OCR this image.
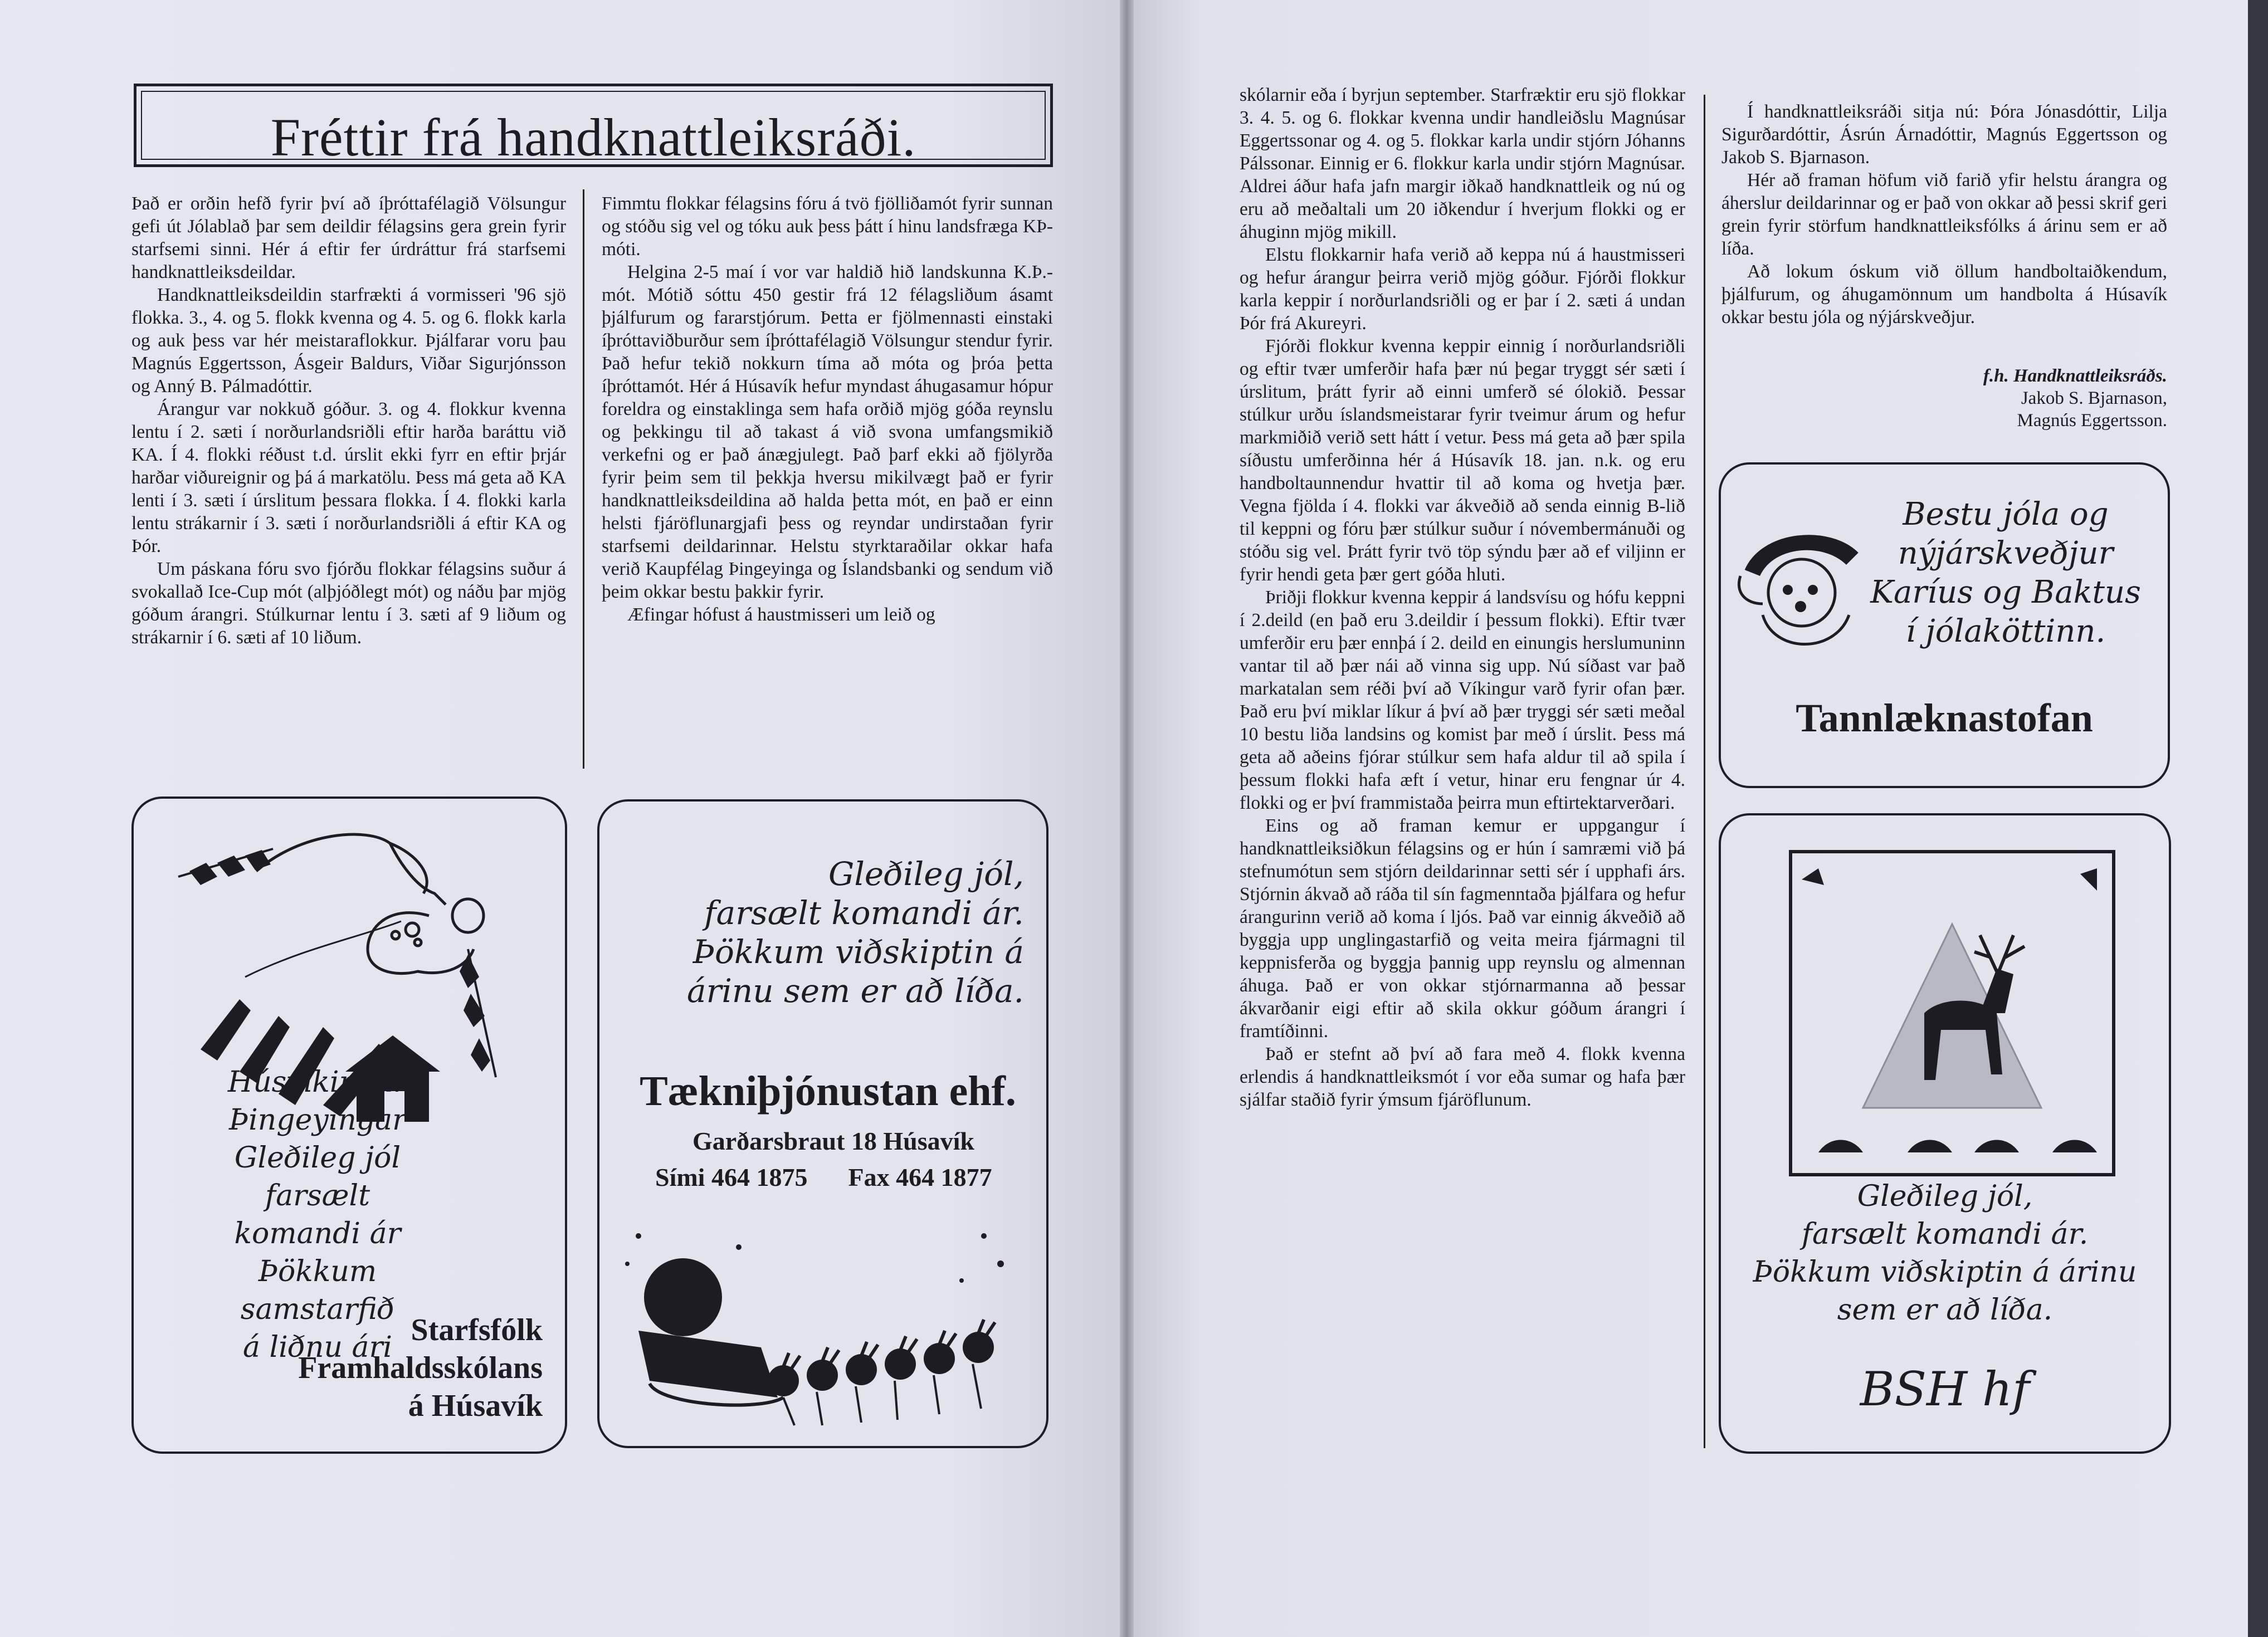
Fréttir frá handknattleiksráði.

Það er orðin hefð fyrir því að íþróttafélagið Völsungur gefi út Jólablað þar sem deildir félagsins gera grein fyrir starfsemi sinni. Hér á eftir fer úrdráttur frá starfsemi handknattleiksdeildar.

Handknattleiksdeildin starfrækti á vormisseri '96 sjö flokka. 3., 4. og 5. flokk kvenna og 4. 5. og 6. flokk karla og auk þess var hér meistaraflokkur. Þjálfarar voru þau Magnús Eggertsson, Ásgeir Baldurs, Viðar Sigurjónsson og Anný B. Pálmadóttir.

Árangur var nokkuð góður. 3. og 4. flokkur kvenna lentu í 2. sæti í norðurlandsriðli eftir harða baráttu við KA. Í 4. flokki réðust t.d. úrslit ekki fyrr en eftir þrjár harðar viðureignir og þá á markatölu. Þess má geta að KA lenti í 3. sæti í úrslitum þessara flokka. Í 4. flokki karla lentu strákarnir í 3. sæti í norðurlandsriðli á eftir KA og Þór.

Um páskana fóru svo fjórðu flokkar félagsins suður á svokallað Ice-Cup mót (alþjóðlegt mót) og náðu þar mjög góðum árangri. Stúlkurnar lentu í 3. sæti af 9 liðum og strákarnir í 6. sæti af 10 liðum.

Fimmtu flokkar félagsins fóru á tvö fjölliðamót fyrir sunnan og stóðu sig vel og tóku auk þess þátt í hinu landsfræga KÞ-móti.

Helgina 2-5 maí í vor var haldið hið landskunna K.Þ.-mót. Mótið sóttu 450 gestir frá 12 félagsliðum ásamt þjálfurum og fararstjórum. Þetta er fjölmennasti einstaki íþróttaviðburður sem íþróttafélagið Völsungur stendur fyrir. Það hefur tekið nokkurn tíma að móta og þróa þetta íþróttamót. Hér á Húsavík hefur myndast áhugasamur hópur foreldra og einstaklinga sem hafa orðið mjög góða reynslu og þekkingu til að takast á við svona umfangsmikið verkefni og er það ánægjulegt. Það þarf ekki að fjölyrða fyrir þeim sem til þekkja hversu mikilvægt það er fyrir handknattleiksdeildina að halda þetta mót, en það er einn helsti fjáröflunargjafi þess og reyndar undirstaðan fyrir starfsemi deildarinnar. Helstu styrktaraðilar okkar hafa verið Kaupfélag Þingeyinga og Íslandsbanki og sendum við þeim okkar bestu þakkir fyrir.

Æfingar hófust á haustmisseri um leið og

Húsvíkingar
Þingeyingar
Gleðileg jól
farsælt komandi ár
Þökkum samstarfið
á liðnu ári Starfsfólk
Framhaldsskólans
á Húsavík
Gleðileg jól,
farsælt komandi ár.
Þökkum viðskiptin á
árinu sem er að líða.
Tækniþjónustan ehf.
Garðarsbraut 18 Húsavík
Sími 464 1875 Fax 464 1877

skólarnir eða í byrjun september. Starfræktir eru sjö flokkar 3. 4. 5. og 6. flokkar kvenna undir handleiðslu Magnúsar Eggertssonar og 4. og 5. flokkar karla undir stjórn Jóhanns Pálssonar. Einnig er 6. flokkur karla undir stjórn Magnúsar. Aldrei áður hafa jafn margir iðkað handknattleik og nú og eru að meðaltali um 20 iðkendur í hverjum flokki og er áhuginn mjög mikill.

Elstu flokkarnir hafa verið að keppa nú á haustmisseri og hefur árangur þeirra verið mjög góður. Fjórði flokkur karla keppir í norðurlandsriðli og er þar í 2. sæti á undan Þór frá Akureyri.

Fjórði flokkur kvenna keppir einnig í norðurlandsriðli og eftir tvær umferðir hafa þær nú þegar tryggt sér sæti í úrslitum, þrátt fyrir að einni umferð sé ólokið. Þessar stúlkur urðu íslandsmeistarar fyrir tveimur árum og hefur markmiðið verið sett hátt í vetur. Þess má geta að þær spila síðustu umferðinna hér á Húsavík 18. jan. n.k. og eru handboltaunnendur hvattir til að koma og hvetja þær. Vegna fjölda í 4. flokki var ákveðið að senda einnig B-lið til keppni og fóru þær stúlkur suður í nóvembermánuði og stóðu sig vel. Þrátt fyrir tvö töp sýndu þær að ef viljinn er fyrir hendi geta þær gert góða hluti.

Þriðji flokkur kvenna keppir á landsvísu og hófu keppni í 2.deild (en það eru 3.deildir í þessum flokki). Eftir tvær umferðir eru þær ennþá í 2. deild en einungis herslumuninn vantar til að þær nái að vinna sig upp. Nú síðast var það markatalan sem réði því að Víkingur varð fyrir ofan þær. Það eru því miklar líkur á því að þær tryggi sér sæti meðal 10 bestu liða landsins og komist þar með í úrslit. Þess má geta að aðeins fjórar stúlkur sem hafa aldur til að spila í þessum flokki hafa æft í vetur, hinar eru fengnar úr 4. flokki og er því frammistaða þeirra mun eftirtektarverðari.

Eins og að framan kemur er uppgangur í handknattleiksiðkun félagsins og er hún í samræmi við þá stefnumótun sem stjórn deildarinnar setti sér í upphafi árs. Stjórnin ákvað að ráða til sín fagmenntaða þjálfara og hefur árangurinn verið að koma í ljós. Það var einnig ákveðið að byggja upp unglingastarfið og veita meira fjármagni til keppnisferða og byggja þannig upp reynslu og almennan áhuga. Það er von okkar stjórnarmanna að þessar ákvarðanir eigi eftir að skila okkur góðum árangri í framtíðinni.

Það er stefnt að því að fara með 4. flokk kvenna erlendis á handknattleiksmót í vor eða sumar og hafa þær sjálfar staðið fyrir ýmsum fjáröflunum.

Í handknattleiksráði sitja nú: Þóra Jónasdóttir, Lilja Sigurðardóttir, Ásrún Árnadóttir, Magnús Eggertsson og Jakob S. Bjarnason.

Hér að framan höfum við farið yfir helstu árangra og áherslur deildarinnar og er það von okkar að þessi skrif geri grein fyrir störfum handknattleiksfólks á árinu sem er að líða.

Að lokum óskum við öllum handboltaiðkendum, þjálfurum, og áhugamönnum um handbolta á Húsavík okkar bestu jóla og nýjárskveðjur.

f.h. Handknattleiksráðs.
Jakob S. Bjarnason,
Magnús Eggertsson.
Bestu jóla og nýjárskveðjur
Karíus og Baktus
í jólaköttinn.
Tannlæknastofan
Gleðileg jól,
farsælt komandi ár.
Þökkum viðskiptin á árinu
sem er að líða.
BSH hf
